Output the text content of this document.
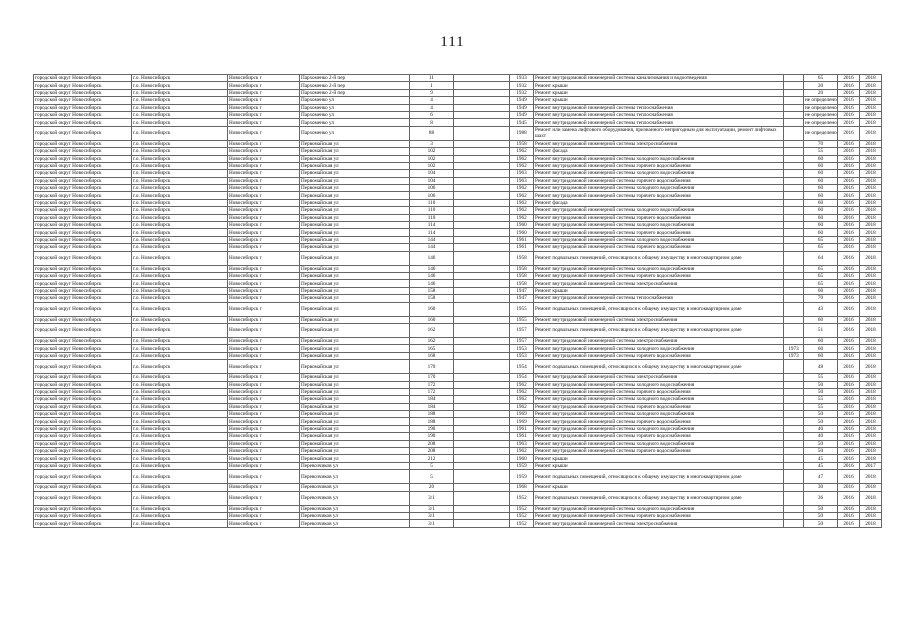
111
городской округ Новосибирск	г.о. Новосибирск	Новосибирск г	Пархоменко 2-й пер	11		1933	Ремонт внутридомовой инженерной системы канализования и водоотведения		65	2016	2018
городской округ Новосибирск	г.о. Новосибирск	Новосибирск г	Пархоменко 2-й пер	1		1932	Ремонт крыши		30	2016	2018
городской округ Новосибирск	г.о. Новосибирск	Новосибирск г	Пархоменко 2-й пер	9		1932	Ремонт крыши		20	2016	2018
городской округ Новосибирск	г.о. Новосибирск	Новосибирск г	Пархоменко ул	4		1949	Ремонт крыши		не определено	2016	2018
городской округ Новосибирск	г.о. Новосибирск	Новосибирск г	Пархоменко ул	4		1949	Ремонт внутридомовой инженерной системы теплоснабжения		не определено	2016	2018
городской округ Новосибирск	г.о. Новосибирск	Новосибирск г	Пархоменко ул	6		1949	Ремонт внутридомовой инженерной системы теплоснабжения		не определено	2016	2018
городской округ Новосибирск	г.о. Новосибирск	Новосибирск г	Пархоменко ул	8		1945	Ремонт внутридомовой инженерной системы теплоснабжения		не определено	2016	2018
городской округ Новосибирск	г.о. Новосибирск	Новосибирск г	Пархоменко ул	88		1988	Ремонт или замена лифтового оборудования, признанного непригодным для эксплуатации, ремонт лифтовых шахт		не определено	2016	2018
городской округ Новосибирск	г.о. Новосибирск	Новосибирск г	Первомайская ул	3		1958	Ремонт внутридомовой инженерной системы электроснабжения		70	2016	2018
городской округ Новосибирск	г.о. Новосибирск	Новосибирск г	Первомайская ул	102		1962	Ремонт фасада		55	2016	2018
городской округ Новосибирск	г.о. Новосибирск	Новосибирск г	Первомайская ул	102		1962	Ремонт внутридомовой инженерной системы холодного водоснабжения		60	2016	2018
городской округ Новосибирск	г.о. Новосибирск	Новосибирск г	Первомайская ул	102		1962	Ремонт внутридомовой инженерной системы горячего водоснабжения		60	2016	2018
городской округ Новосибирск	г.о. Новосибирск	Новосибирск г	Первомайская ул	104		1963	Ремонт внутридомовой инженерной системы холодного водоснабжения		60	2016	2018
городской округ Новосибирск	г.о. Новосибирск	Новосибирск г	Первомайская ул	104		1963	Ремонт внутридомовой инженерной системы горячего водоснабжения		60	2016	2018
городской округ Новосибирск	г.о. Новосибирск	Новосибирск г	Первомайская ул	106		1962	Ремонт внутридомовой инженерной системы холодного водоснабжения		60	2016	2018
городской округ Новосибирск	г.о. Новосибирск	Новосибирск г	Первомайская ул	106		1962	Ремонт внутридомовой инженерной системы горячего водоснабжения		60	2016	2018
городской округ Новосибирск	г.о. Новосибирск	Новосибирск г	Первомайская ул	110		1962	Ремонт фасада		60	2016	2018
городской округ Новосибирск	г.о. Новосибирск	Новосибирск г	Первомайская ул	110		1962	Ремонт внутридомовой инженерной системы холодного водоснабжения		60	2016	2018
городской округ Новосибирск	г.о. Новосибирск	Новосибирск г	Первомайская ул	110		1962	Ремонт внутридомовой инженерной системы горячего водоснабжения		60	2016	2018
городской округ Новосибирск	г.о. Новосибирск	Новосибирск г	Первомайская ул	114		1960	Ремонт внутридомовой инженерной системы холодного водоснабжения		60	2016	2018
городской округ Новосибирск	г.о. Новосибирск	Новосибирск г	Первомайская ул	114		1960	Ремонт внутридомовой инженерной системы горячего водоснабжения		60	2016	2018
городской округ Новосибирск	г.о. Новосибирск	Новосибирск г	Первомайская ул	144		1961	Ремонт внутридомовой инженерной системы холодного водоснабжения		65	2016	2018
городской округ Новосибирск	г.о. Новосибирск	Новосибирск г	Первомайская ул	144		1961	Ремонт внутридомовой инженерной системы горячего водоснабжения		65	2016	2018
городской округ Новосибирск	г.о. Новосибирск	Новосибирск г	Первомайская ул	146		1958	Ремонт подвальных помещений, относящихся к общему имуществу в многоквартирном доме		64	2016	2018
городской округ Новосибирск	г.о. Новосибирск	Новосибирск г	Первомайская ул	146		1958	Ремонт внутридомовой инженерной системы холодного водоснабжения		65	2016	2018
городской округ Новосибирск	г.о. Новосибирск	Новосибирск г	Первомайская ул	146		1958	Ремонт внутридомовой инженерной системы горячего водоснабжения		65	2016	2018
городской округ Новосибирск	г.о. Новосибирск	Новосибирск г	Первомайская ул	146		1958	Ремонт внутридомовой инженерной системы электроснабжения		65	2016	2018
городской округ Новосибирск	г.о. Новосибирск	Новосибирск г	Первомайская ул	158		1947	Ремонт крыши		60	2016	2018
городской округ Новосибирск	г.о. Новосибирск	Новосибирск г	Первомайская ул	158		1947	Ремонт внутридомовой инженерной системы теплоснабжения		70	2016	2018
городской округ Новосибирск	г.о. Новосибирск	Новосибирск г	Первомайская ул	160		1955	Ремонт подвальных помещений, относящихся к общему имуществу в многоквартирном доме		43	2016	2018
городской округ Новосибирск	г.о. Новосибирск	Новосибирск г	Первомайская ул	160		1955	Ремонт внутридомовой инженерной системы электроснабжения		60	2016	2018
городской округ Новосибирск	г.о. Новосибирск	Новосибирск г	Первомайская ул	162		1957	Ремонт подвальных помещений, относящихся к общему имуществу в многоквартирном доме		51	2016	2018
городской округ Новосибирск	г.о. Новосибирск	Новосибирск г	Первомайская ул	162		1957	Ремонт внутридомовой инженерной системы электроснабжения		60	2016	2018
городской округ Новосибирск	г.о. Новосибирск	Новосибирск г	Первомайская ул	165		1953	Ремонт внутридомовой инженерной системы холодного водоснабжения	1973	60	2016	2018
городской округ Новосибирск	г.о. Новосибирск	Новосибирск г	Первомайская ул	168		1953	Ремонт внутридомовой инженерной системы горячего водоснабжения	1973	60	2016	2018
городской округ Новосибирск	г.о. Новосибирск	Новосибирск г	Первомайская ул	170		1954	Ремонт подвальных помещений, относящихся к общему имуществу в многоквартирном доме		48	2016	2018
городской округ Новосибирск	г.о. Новосибирск	Новосибирск г	Первомайская ул	170		1954	Ремонт внутридомовой инженерной системы электроснабжения		55	2016	2018
городской округ Новосибирск	г.о. Новосибирск	Новосибирск г	Первомайская ул	172		1962	Ремонт внутридомовой инженерной системы холодного водоснабжения		50	2016	2018
городской округ Новосибирск	г.о. Новосибирск	Новосибирск г	Первомайская ул	172		1962	Ремонт внутридомовой инженерной системы горячего водоснабжения		50	2016	2018
городской округ Новосибирск	г.о. Новосибирск	Новосибирск г	Первомайская ул	184		1962	Ремонт внутридомовой инженерной системы холодного водоснабжения		55	2016	2018
городской округ Новосибирск	г.о. Новосибирск	Новосибирск г	Первомайская ул	184		1962	Ремонт внутридомовой инженерной системы горячего водоснабжения		55	2016	2018
городской округ Новосибирск	г.о. Новосибирск	Новосибирск г	Первомайская ул	188		1969	Ремонт внутридомовой инженерной системы холодного водоснабжения		50	2016	2018
городской округ Новосибирск	г.о. Новосибирск	Новосибирск г	Первомайская ул	188		1969	Ремонт внутридомовой инженерной системы горячего водоснабжения		50	2016	2018
городской округ Новосибирск	г.о. Новосибирск	Новосибирск г	Первомайская ул	190		1961	Ремонт внутридомовой инженерной системы холодного водоснабжения		40	2016	2018
городской округ Новосибирск	г.о. Новосибирск	Новосибирск г	Первомайская ул	190		1961	Ремонт внутридомовой инженерной системы горячего водоснабжения		40	2016	2018
городской округ Новосибирск	г.о. Новосибирск	Новосибирск г	Первомайская ул	208		1963	Ремонт внутридомовой инженерной системы холодного водоснабжения		50	2016	2018
городской округ Новосибирск	г.о. Новосибирск	Новосибирск г	Первомайская ул	208		1962	Ремонт внутридомовой инженерной системы горячего водоснабжения		50	2016	2018
городской округ Новосибирск	г.о. Новосибирск	Новосибирск г	Первомайская ул	212		1960	Ремонт крыши		45	2016	2018
городской округ Новосибирск	г.о. Новосибирск	Новосибирск г	Перевозчиков ул	5		1959	Ремонт крыши		45	2016	2017
городской округ Новосибирск	г.о. Новосибирск	Новосибирск г	Перевозчиков ул	5		1959	Ремонт подвальных помещений, относящихся к общему имуществу в многоквартирном доме		47	2016	2018
городской округ Новосибирск	г.о. Новосибирск	Новосибирск г	Перевозчиков ул	20		1968	Ремонт крыши		30	2016	2018
городской округ Новосибирск	г.о. Новосибирск	Новосибирск г	Перевозчиков ул	3/1		1952	Ремонт подвальных помещений, относящихся к общему имуществу в многоквартирном доме		36	2016	2018
городской округ Новосибирск	г.о. Новосибирск	Новосибирск г	Перевозчиков ул	3/1		1952	Ремонт внутридомовой инженерной системы холодного водоснабжения		50	2016	2018
городской округ Новосибирск	г.о. Новосибирск	Новосибирск г	Перевозчиков ул	3/1		1952	Ремонт внутридомовой инженерной системы горячего водоснабжения		50	2016	2018
городской округ Новосибирск	г.о. Новосибирск	Новосибирск г	Перевозчиков ул	3/1		1952	Ремонт внутридомовой инженерной системы электроснабжения		50	2016	2018
